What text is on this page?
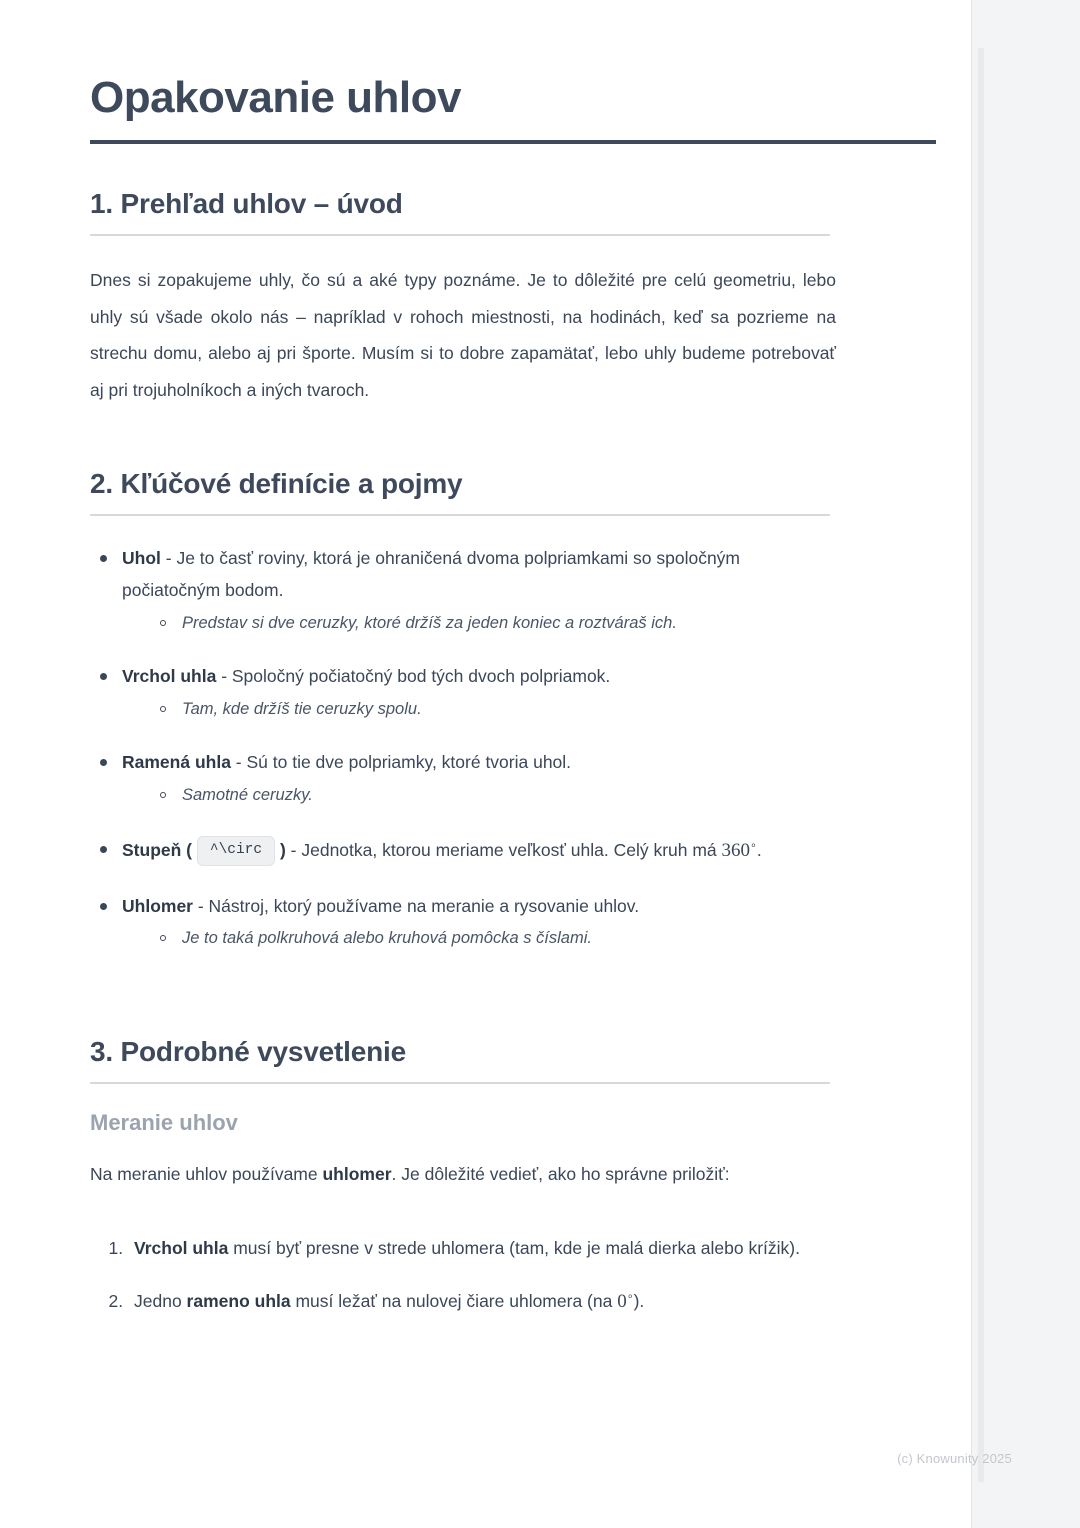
Opakovanie uhlov
1. Prehľad uhlov – úvod

Dnes si zopakujeme uhly, čo sú a aké typy poznáme. Je to dôležité pre celú geometriu, lebo uhly sú všade okolo nás – napríklad v rohoch miestnosti, na hodinách, keď sa pozrieme na strechu domu, alebo aj pri športe. Musím si to dobre zapamätať, lebo uhly budeme potrebovať aj pri trojuholníkoch a iných tvaroch.

2. Kľúčové definície a pojmy
Uhol - Je to časť roviny, ktorá je ohraničená dvoma polpriamkami so spoločným počiatočným bodom.
Predstav si dve ceruzky, ktoré držíš za jeden koniec a roztváraš ich.
Vrchol uhla - Spoločný počiatočný bod tých dvoch polpriamok.
Tam, kde držíš tie ceruzky spolu.
Ramená uhla - Sú to tie dve polpriamky, ktoré tvoria uhol.
Samotné ceruzky.
Stupeň ( ^\circ ) - Jednotka, ktorou meriame veľkosť uhla. Celý kruh má 360∘.
Uhlomer - Nástroj, ktorý používame na meranie a rysovanie uhlov.
Je to taká polkruhová alebo kruhová pomôcka s číslami.
3. Podrobné vysvetlenie
Meranie uhlov

Na meranie uhlov používame uhlomer. Je dôležité vedieť, ako ho správne priložiť:

1. Vrchol uhla musí byť presne v strede uhlomera (tam, kde je malá dierka alebo krížik).
2. Jedno rameno uhla musí ležať na nulovej čiare uhlomera (na 0∘).
(c) Knowunity 2025
